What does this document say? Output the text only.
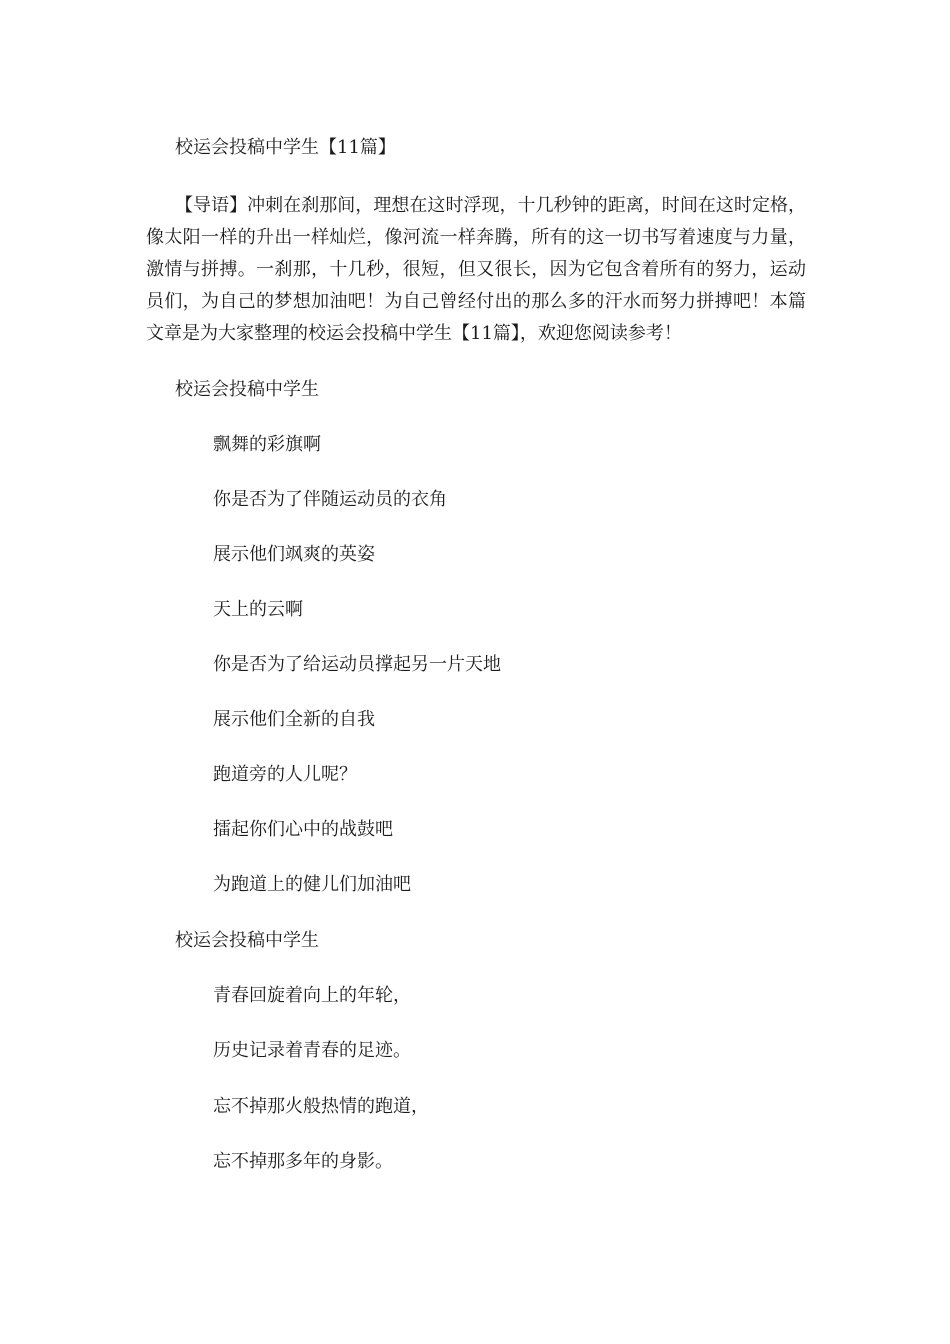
校运会投稿中学生【11篇】

【导语】冲刺在刹那间，理想在这时浮现，十几秒钟的距离，时间在这时定格，像太阳一样的升出一样灿烂，像河流一样奔腾，所有的这一切书写着速度与力量，激情与拼搏。一刹那，十几秒，很短，但又很长，因为它包含着所有的努力，运动员们，为自己的梦想加油吧！为自己曾经付出的那么多的汗水而努力拼搏吧！本篇文章是为大家整理的校运会投稿中学生【11篇】，欢迎您阅读参考！

校运会投稿中学生
飘舞的彩旗啊
你是否为了伴随运动员的衣角
展示他们飒爽的英姿
天上的云啊
你是否为了给运动员撑起另一片天地
展示他们全新的自我
跑道旁的人儿呢？
擂起你们心中的战鼓吧
为跑道上的健儿们加油吧
校运会投稿中学生
青春回旋着向上的年轮，
历史记录着青春的足迹。
忘不掉那火般热情的跑道，
忘不掉那多年的身影。
